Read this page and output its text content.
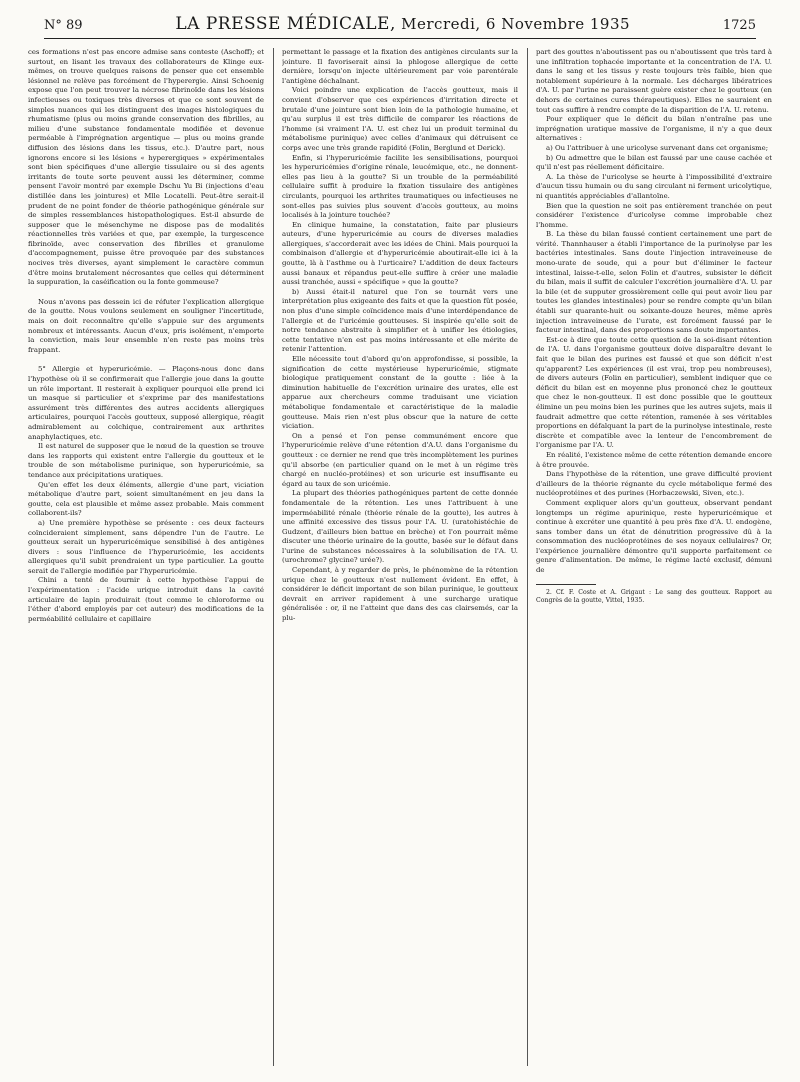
N° 89	LA PRESSE MÉDICALE, Mercredi, 6 Novembre 1935	1725

ces formations n'est pas encore admise sans conteste (Aschoff); et surtout, en lisant les travaux des collaborateurs de Klinge eux-mêmes, on trouve quelques raisons de penser que cet ensemble lésionnel ne relève pas forcément de l'hyperergie. Ainsi Schoenig expose que l'on peut trouver la nécrose fibrinoïde dans les lésions infectieuses ou toxiques très diverses et que ce sont souvent de simples nuances qui les distinguent des images histologiques du rhumatisme (plus ou moins grande conservation des fibrilles, au milieu d'une substance fondamentale modifiée et devenue perméable à l'imprégnation argentique — plus ou moins grande diffusion des lésions dans les tissus, etc.). D'autre part, nous ignorons encore si les lésions « hyperergiques » expérimentales sont bien spécifiques d'une allergie tissulaire ou si des agents irritants de toute sorte peuvent aussi les déterminer, comme pensent l'avoir montré par exemple Dschu Yu Bi (injections d'eau distillée dans les jointures) et Mlle Locatelli. Peut-être serait-il prudent de ne point fonder de théorie pathogénique générale sur de simples ressemblances histopathologiques. Est-il absurde de supposer que le mésenchyme ne dispose pas de modalités réactionnelles très variées et que, par exemple, la turgescence fibrinoïde, avec conservation des fibrilles et granulome d'accompagnement, puisse être provoquée par des substances nocives très diverses, ayant simplement le caractère commun d'être moins brutalement nécrosantes que celles qui déterminent la suppuration, la caséification ou la fonte gommeuse?

Nous n'avons pas dessein ici de réfuter l'explication allergique de la goutte. Nous voulons seulement en souligner l'incertitude, mais on doit reconnaître qu'elle s'appuie sur des arguments nombreux et intéressants. Aucun d'eux, pris isolément, n'emporte la conviction, mais leur ensemble n'en reste pas moins très frappant.

5° Allergie et hyperuricémie. — Plaçons-nous donc dans l'hypothèse où il se confirmerait que l'allergie joue dans la goutte un rôle important. Il resterait à expliquer pourquoi elle prend ici un masque si particulier et s'exprime par des manifestations assurément très différentes des autres accidents allergiques articulaires, pourquoi l'accès goutteux, supposé allergique, réagit admirablement au colchique, contrairement aux arthrites anaphylactiques, etc.

Il est naturel de supposer que le nœud de la question se trouve dans les rapports qui existent entre l'allergie du goutteux et le trouble de son métabolisme purinique, son hyperuricémie, sa tendance aux précipitations uratiques.

Qu'en effet les deux éléments, allergie d'une part, viciation métabolique d'autre part, soient simultanément en jeu dans la goutte, cela est plausible et même assez probable. Mais comment collaborent-ils?

a) Une première hypothèse se présente : ces deux facteurs coïncideraient simplement, sans dépendre l'un de l'autre. Le goutteux serait un hyperuricémique sensibilisé à des antigènes divers : sous l'influence de l'hyperuricémie, les accidents allergiques qu'il subit prendraient un type particulier. La goutte serait de l'allergie modifiée par l'hyperuricémie.

Chini a tenté de fournir à cette hypothèse l'appui de l'expérimentation : l'acide urique introduit dans la cavité articulaire de lapin produirait (tout comme le chloroforme ou l'éther d'abord employés par cet auteur) des modifications de la perméabilité cellulaire et capillaire

permettant le passage et la fixation des antigènes circulants sur la jointure. Il favoriserait ainsi la phlogose allergique de cette dernière, lorsqu'on injecte ultérieurement par voie parentérale l'antigène déchaînant.

Voici poindre une explication de l'accès goutteux, mais il convient d'observer que ces expériences d'irritation directe et brutale d'une jointure sont bien loin de la pathologie humaine, et qu'au surplus il est très difficile de comparer les réactions de l'homme (si vraiment l'A. U. est chez lui un produit terminal du métabolisme purinique) avec celles d'animaux qui détruisent ce corps avec une très grande rapidité (Folin, Berglund et Derick).

Enfin, si l'hyperuricémie facilite les sensibilisations, pourquoi les hyperuricémies d'origine rénale, leucémique, etc., ne donnent-elles pas lieu à la goutte? Si un trouble de la perméabilité cellulaire suffit à produire la fixation tissulaire des antigènes circulants, pourquoi les arthrites traumatiques ou infectieuses ne sont-elles pas suivies plus souvent d'accès goutteux, au moins localisés à la jointure touchée?

En clinique humaine, la constatation, faite par plusieurs auteurs, d'une hyperuricémie au cours de diverses maladies allergiques, s'accorderait avec les idées de Chini. Mais pourquoi la combinaison d'allergie et d'hyperuricémie aboutirait-elle ici à la goutte, là à l'asthme ou à l'urticaire? L'addition de deux facteurs aussi banaux et répandus peut-elle suffire à créer une maladie aussi tranchée, aussi « spécifique » que la goutte?

b) Aussi était-il naturel que l'on se tournât vers une interprétation plus exigeante des faits et que la question fût posée, non plus d'une simple coïncidence mais d'une interdépendance de l'allergie et de l'uricémie goutteuses. Si inspirée qu'elle soit de notre tendance abstraite à simplifier et à unifier les étiologies, cette tentative n'en est pas moins intéressante et elle mérite de retenir l'attention.

Elle nécessite tout d'abord qu'on approfondisse, si possible, la signification de cette mystérieuse hyperuricémie, stigmate biologique pratiquement constant de la goutte : liée à la diminution habituelle de l'excrétion urinaire des urates, elle est apparue aux chercheurs comme traduisant une viciation métabolique fondamentale et caractéristique de la maladie goutteuse. Mais rien n'est plus obscur que la nature de cette viciation.

On a pensé et l'on pense communément encore que l'hyperuricémie relève d'une rétention d'A.U. dans l'organisme du goutteux : ce dernier ne rend que très incomplètement les purines qu'il absorbe (en particulier quand on le met à un régime très chargé en nucléo-protéines) et son uricurie est insuffisante eu égard au taux de son uricémie.

La plupart des théories pathogéniques partent de cette donnée fondamentale de la rétention. Les unes l'attribuent à une imperméabilité rénale (théorie rénale de la goutte), les autres à une affinité excessive des tissus pour l'A. U. (uratohistéchie de Gudzent, d'ailleurs bien battue en brèche) et l'on pourrait même discuter une théorie urinaire de la goutte, basée sur le défaut dans l'urine de substances nécessaires à la solubilisation de l'A. U. (urochrome? glycine? urée?).

Cependant, à y regarder de près, le phénomène de la rétention urique chez le goutteux n'est nullement évident. En effet, à considérer le déficit important de son bilan purinique, le goutteux devrait en arriver rapidement à une surcharge uratique généralisée : or, il ne l'atteint que dans des cas clairsemés, car la plu-

part des gouttes n'aboutissent pas ou n'aboutissent que très tard à une infiltration tophacée importante et la concentration de l'A. U. dans le sang et les tissus y reste toujours très faible, bien que notablement supérieure à la normale. Les décharges libératrices d'A. U. par l'urine ne paraissent guère exister chez le goutteux (en dehors de certaines cures thérapeutiques). Elles ne sauraient en tout cas suffire à rendre compte de la disparition de l'A. U. retenu.

Pour expliquer que le déficit du bilan n'entraîne pas une imprégnation uratique massive de l'organisme, il n'y a que deux alternatives :

a) Ou l'attribuer à une uricolyse survenant dans cet organisme;

b) Ou admettre que le bilan est faussé par une cause cachée et qu'il n'est pas réellement déficitaire.

A. La thèse de l'uricolyse se heurte à l'impossibilité d'extraire d'aucun tissu humain ou du sang circulant ni ferment uricolytique, ni quantités appréciables d'allantoïne.

Bien que la question ne soit pas entièrement tranchée on peut considérer l'existence d'uricolyse comme improbable chez l'homme.

B. La thèse du bilan faussé contient certainement une part de vérité. Thannhauser a établi l'importance de la purinolyse par les bactéries intestinales. Sans doute l'injection intraveineuse de mono-urate de soude, qui a pour but d'éliminer le facteur intestinal, laisse-t-elle, selon Folin et d'autres, subsister le déficit du bilan, mais il suffit de calculer l'excrétion journalière d'A. U. par la bile (et de supputer grossièrement celle qui peut avoir lieu par toutes les glandes intestinales) pour se rendre compte qu'un bilan établi sur quarante-huit ou soixante-douze heures, même après injection intraveineuse de l'urate, est forcément faussé par le facteur intestinal, dans des proportions sans doute importantes.

Est-ce à dire que toute cette question de la soi-disant rétention de l'A. U. dans l'organisme goutteux doive disparaître devant le fait que le bilan des purines est faussé et que son déficit n'est qu'apparent? Les expériences (il est vrai, trop peu nombreuses), de divers auteurs (Folin en particulier), semblent indiquer que ce déficit du bilan est en moyenne plus prononcé chez le goutteux que chez le non-goutteux. Il est donc possible que le goutteux élimine un peu moins bien les purines que les autres sujets, mais il faudrait admettre que cette rétention, ramenée à ses véritables proportions en défalquant la part de la purinolyse intestinale, reste discrète et compatible avec la lenteur de l'encombrement de l'organisme par l'A. U.

En réalité, l'existence même de cette rétention demande encore à être prouvée.

Dans l'hypothèse de la rétention, une grave difficulté provient d'ailleurs de la théorie régnante du cycle métabolique fermé des nucléoprotéines et des purines (Horbaczewski, Siven, etc.).

Comment expliquer alors qu'un goutteux, observant pendant longtemps un régime apurinique, reste hyperuricémique et continue à excréter une quantité à peu près fixe d'A. U. endogène, sans tomber dans un état de dénutrition progressive dû à la consommation des nucléoprotéines de ses noyaux cellulaires? Or, l'expérience journalière démontre qu'il supporte parfaitement ce genre d'alimentation. De même, le régime lacté exclusif, démuni de

2. Cf. F. Coste et A. Grigaut : Le sang des goutteux. Rapport au Congrès de la goutte, Vittel, 1935.
